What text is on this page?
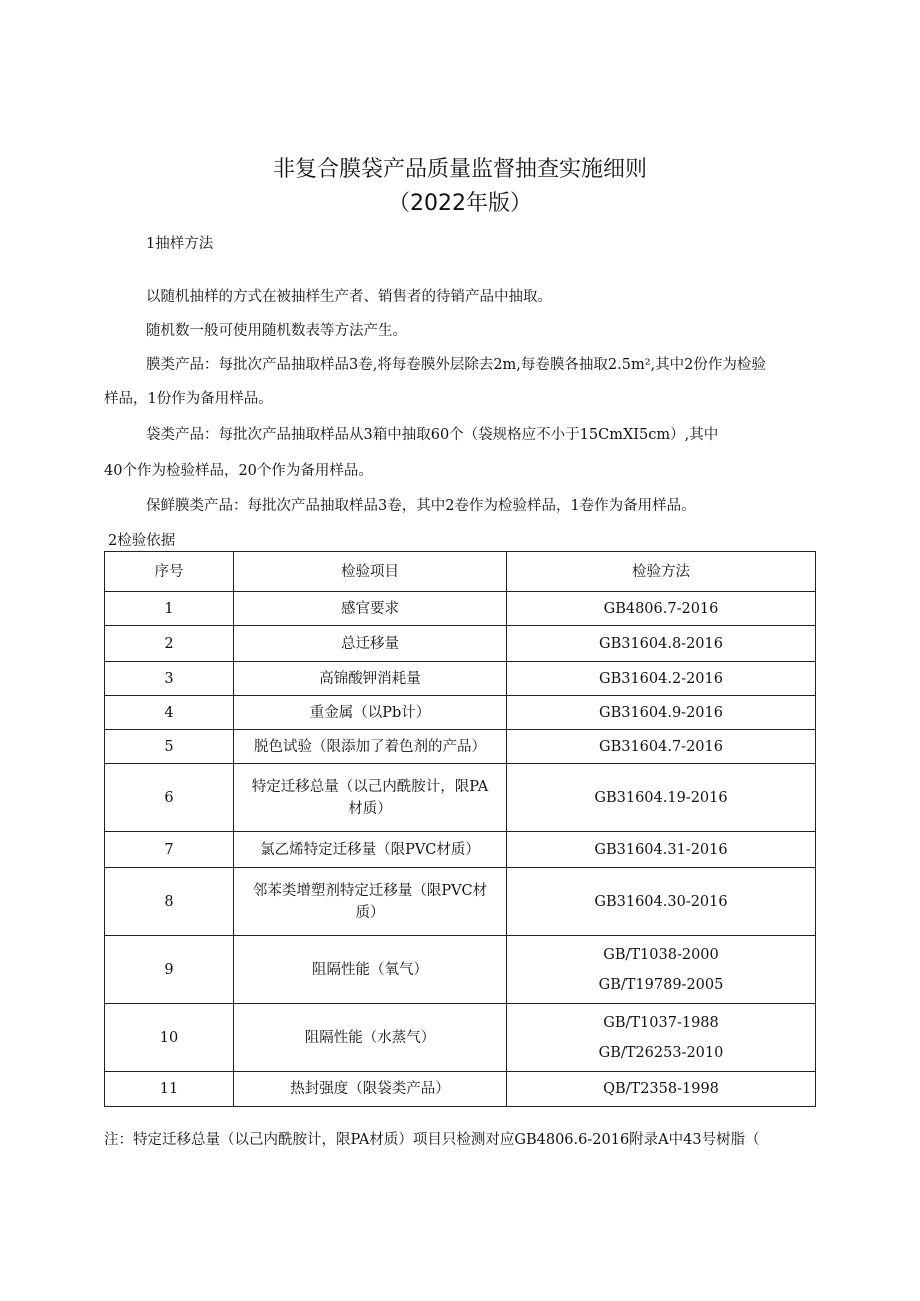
非复合膜袋产品质量监督抽查实施细则
（2022年版）
1抽样方法
以随机抽样的方式在被抽样生产者、销售者的待销产品中抽取。
随机数一般可使用随机数表等方法产生。
膜类产品：每批次产品抽取样品3卷,将每卷膜外层除去2m,每卷膜各抽取2.5m²,其中2份作为检验
样品，1份作为备用样品。
袋类产品：每批次产品抽取样品从3箱中抽取60个（袋规格应不小于15CmXI5cm）,其中
40个作为检验样品，20个作为备用样品。
保鲜膜类产品：每批次产品抽取样品3卷，其中2卷作为检验样品，1卷作为备用样品。
2检验依据
序号	检验项目	检验方法
1	感官要求	GB4806.7-2016
2	总迁移量	GB31604.8-2016
3	高锦酸钾消耗量	GB31604.2-2016
4	重金属（以Pb计）	GB31604.9-2016
5	脱色试验（限添加了着色剂的产品）	GB31604.7-2016
6	特定迁移总量（以己内酰胺计，限PA
材质）	GB31604.19-2016
7	氯乙烯特定迁移量（限PVC材质）	GB31604.31-2016
8	邻苯类增塑剂特定迁移量（限PVC材
质）	GB31604.30-2016
9	阻隔性能（氧气）	GB/T1038-2000
GB/T19789-2005

10	阻隔性能（水蒸气）	GB/T1037-1988
GB/T26253-2010

11	热封强度（限袋类产品）	QB/T2358-1998
注：特定迁移总量（以己内酰胺计，限PA材质）项目只检测对应GB4806.6-2016附录A中43号树脂（
